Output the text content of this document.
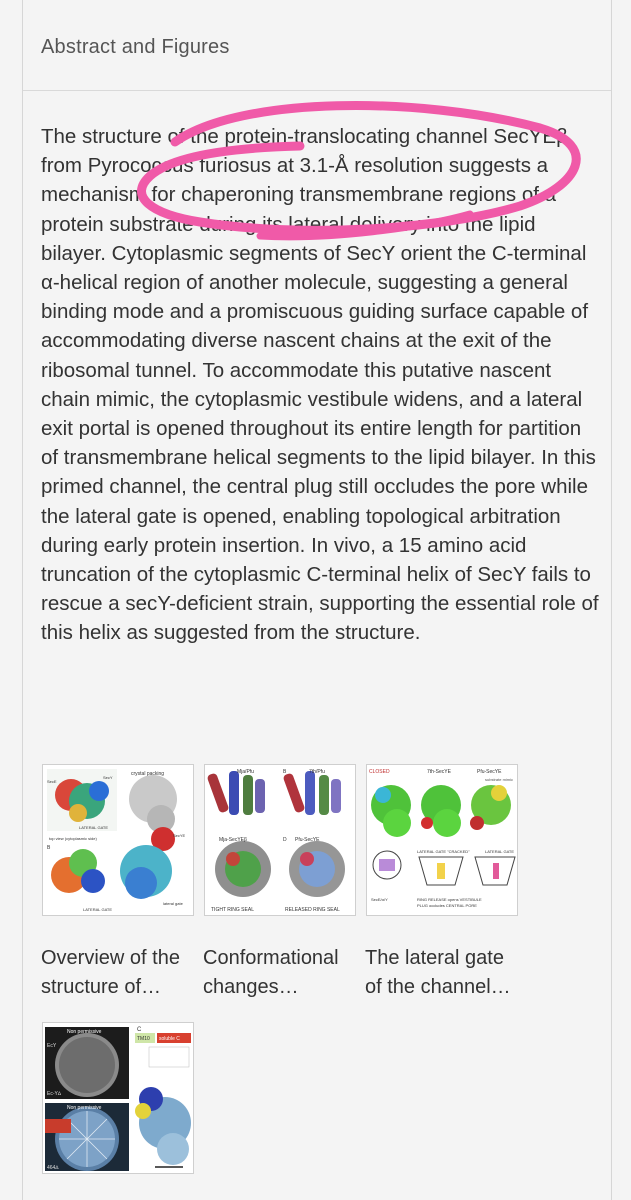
Abstract and Figures
The structure of the protein-translocating channel SecYEβ from Pyrococcus furiosus at 3.1-Å resolution suggests a mechanism for chaperoning transmembrane regions of a protein substrate during its lateral delivery into the lipid bilayer. Cytoplasmic segments of SecY orient the C-terminal α-helical region of another molecule, suggesting a general binding mode and a promiscuous guiding surface capable of accommodating diverse nascent chains at the exit of the ribosomal tunnel. To accommodate this putative nascent chain mimic, the cytoplasmic vestibule widens, and a lateral exit portal is opened throughout its entire length for partition of transmembrane helical segments to the lipid bilayer. In this primed channel, the central plug still occludes the pore while the lateral gate is opened, enabling topological arbitration during early protein insertion. In vivo, a 15 amino acid truncation of the cytoplasmic C-terminal helix of SecY fails to rescue a secY-deficient strain, supporting the essential role of this helix as suggested from the structure.
top view (cytoplasmic side)
crystal packing
SecE
SecY
LATERAL GATE
SecYE
B
lateral gate
LATERAL GATE
Overview of the
structure of…
Mja/Pfu	7th/Pfu
B
Mja-SecYEβ	Pfu-SecYE
D
TIGHT RING SEAL	RELEASED RING SEAL
Conformational
changes…
CLOSED	7th-SecYE	Pfu-SecYE
substrate mimic
LATERAL GATE "CRACKED"	LATERAL GATE
RING RELEASE opens VESTIBULE
PLUG occludes CENTRAL PORE
SecE/α/Y
The lateral gate
of the channel…
Non permissive	C
TM10 soluble C
EcY
Ec-Y∆
Non permissive
464∆
